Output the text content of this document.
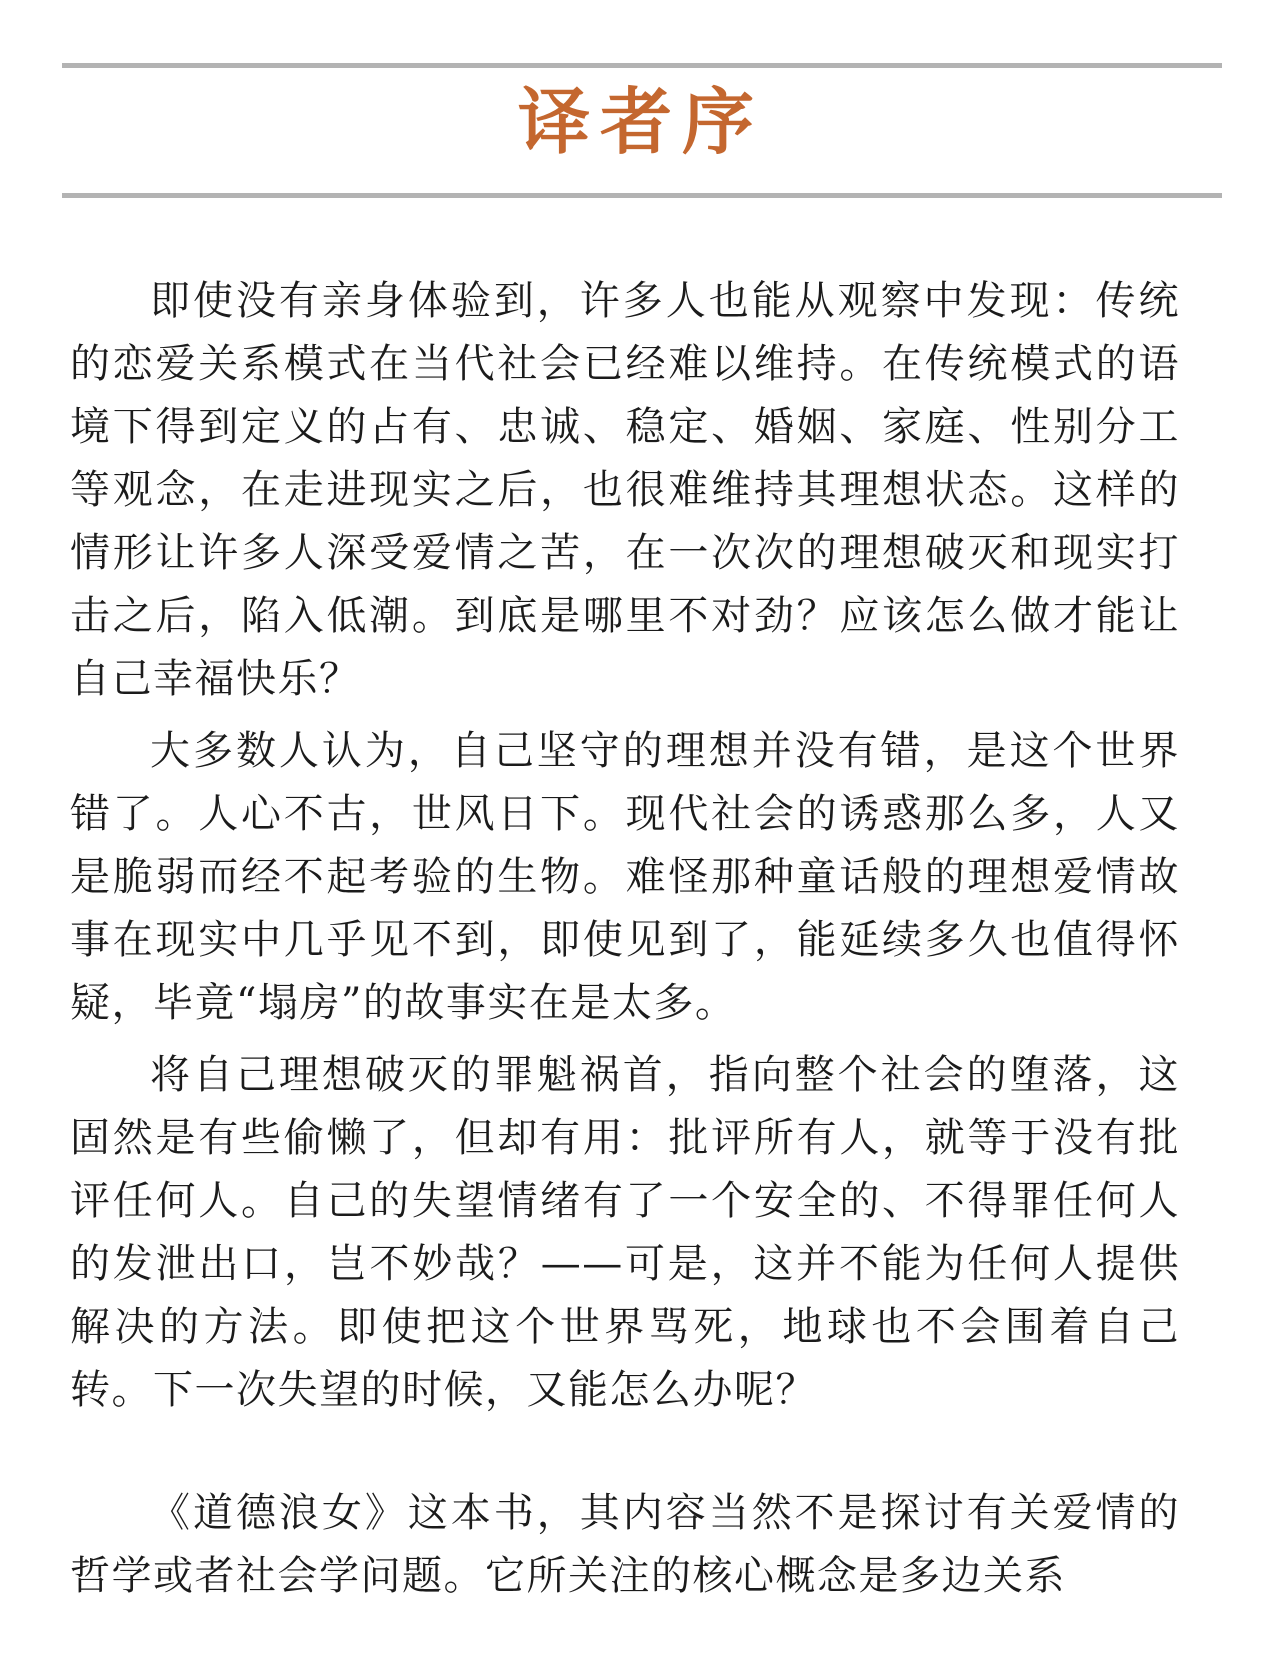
译者序

即使没有亲身体验到，许多人也能从观察中发现：传统的恋爱关系模式在当代社会已经难以维持。在传统模式的语境下得到定义的占有、忠诚、稳定、婚姻、家庭、性别分工等观念，在走进现实之后，也很难维持其理想状态。这样的情形让许多人深受爱情之苦，在一次次的理想破灭和现实打击之后，陷入低潮。到底是哪里不对劲？应该怎么做才能让自己幸福快乐？

大多数人认为，自己坚守的理想并没有错，是这个世界错了。人心不古，世风日下。现代社会的诱惑那么多，人又是脆弱而经不起考验的生物。难怪那种童话般的理想爱情故事在现实中几乎见不到，即使见到了，能延续多久也值得怀疑，毕竟“塌房”的故事实在是太多。

将自己理想破灭的罪魁祸首，指向整个社会的堕落，这固然是有些偷懒了，但却有用：批评所有人，就等于没有批评任何人。自己的失望情绪有了一个安全的、不得罪任何人的发泄出口，岂不妙哉？——可是，这并不能为任何人提供解决的方法。即使把这个世界骂死，地球也不会围着自己转。下一次失望的时候，又能怎么办呢？

《道德浪女》这本书，其内容当然不是探讨有关爱情的哲学或者社会学问题。它所关注的核心概念是多边关系
